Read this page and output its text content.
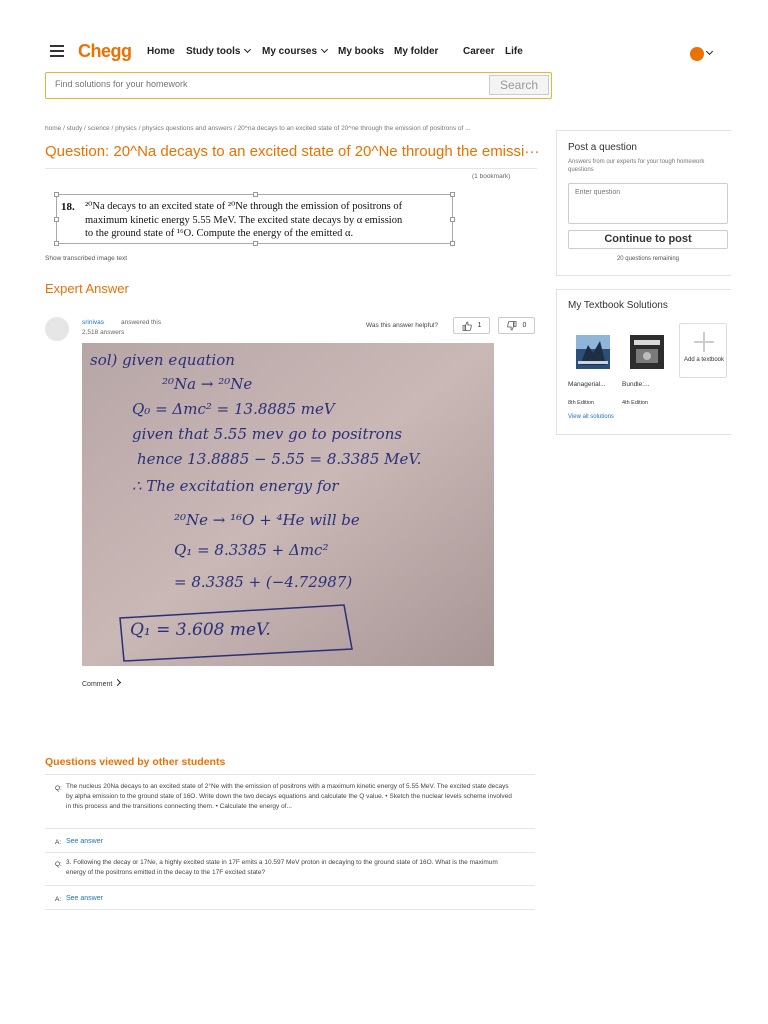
Chegg Home Study tools	My courses	My books My folder Career Life
Find solutions for your homework
Search
home / study / science / physics / physics questions and answers / 20^na decays to an excited state of 20^ne through the emission of positrons of ...
Question: 20^Na decays to an excited state of 20^Ne through the emissi···
(1 bookmark)
18. ²⁰Na decays to an excited state of ²⁰Ne through the emission of positrons of
maximum kinetic energy 5.55 MeV. The excited state decays by α emission
to the ground state of ¹⁶O. Compute the energy of the emitted α.
Show transcribed image text
Expert Answer
srinivas	answered this
2,518 answers
Was this answer helpful?	1	0
sol) given equation
²⁰Na → ²⁰Ne
Q₀ = Δmc² = 13.8885 meV
given that 5.55 mev go to positrons
hence 13.8885 − 5.55 = 8.3385 MeV.
∴ The excitation energy for
²⁰Ne → ¹⁶O + ⁴He will be
Q₁ = 8.3385 + Δmc²
= 8.3385 + (−4.72987)
Q₁ = 3.608 meV.
Comment
Questions viewed by other students
Q: The nucleus 20Na decays to an excited state of 2°Ne with the emission of positrons with a maximum kinetic energy of 5.55 MeV. The excited state decays by alpha emission to the ground state of 16O. Write down the two decays equations and calculate the Q value. • Sketch the nuclear levels scheme involved in this process and the transitions connecting them. • Calculate the energy of...
A: See answer
Q: 3. Following the decay or 17Ne, a highly excited state in 17F emits a 10.597 MeV proton in decaying to the ground state of 16O. What is the maximum energy of the positrons emitted in the decay to the 17F excited state?
A: See answer
Post a question
Answers from our experts for your tough homework questions
Enter question
Continue to post
20 questions remaining
My Textbook Solutions
Managerial...	Bundle:...
8th Edition	4th Edition
Add a textbook
View all solutions
